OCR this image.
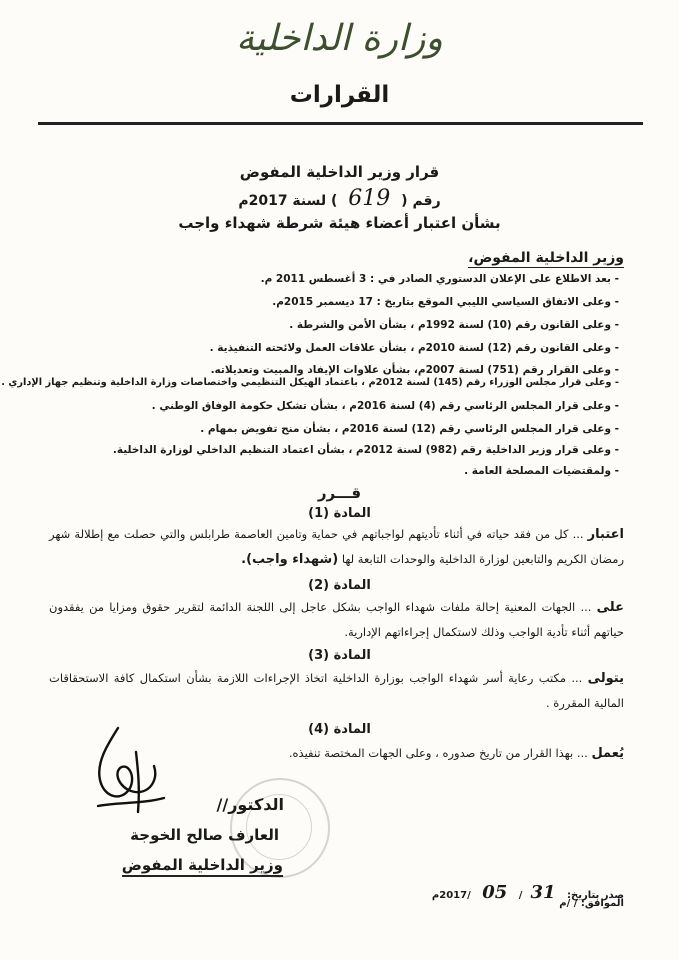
وزارة الداخلية
القرارات

قرار وزير الداخلية المفوض
رقم ( 619 ) لسنة 2017م
بشأن اعتبار أعضاء هيئة شرطة شهداء واجب
وزير الداخلية المفوض،
- بعد الاطلاع على الإعلان الدستوري الصادر في : 3 أغسطس 2011 م.
- وعلى الاتفاق السياسي الليبي الموقع بتاريخ : 17 ديسمبر 2015م.
- وعلى القانون رقم (10) لسنة 1992م ، بشأن الأمن والشرطة .
- وعلى القانون رقم (12) لسنة 2010م ، بشأن علاقات العمل ولائحته التنفيذية .
- وعلى القرار رقم (751) لسنة 2007م، بشأن علاوات الإيفاد والمبيت وتعديلاته.
- وعلى قرار مجلس الوزراء رقم (145) لسنة 2012م ، باعتماد الهيكل التنظيمي واختصاصات وزارة الداخلية وتنظيم جهاز الإداري .
- وعلى قرار المجلس الرئاسي رقم (4) لسنة 2016م ، بشأن تشكل حكومة الوفاق الوطني .
- وعلى قرار المجلس الرئاسي رقم (12) لسنة 2016م ، بشأن منح تفويض بمهام .
- وعلى قرار وزير الداخلية رقم (982) لسنة 2012م ، بشأن اعتماد التنظيم الداخلي لوزارة الداخلية.
- ولمقتضيات المصلحة العامة .
قـــرر
المادة (1)
اعتبار ... كل من فقد حياته في أثناء تأديتهم لواجباتهم في حماية وتامين العاصمة طرابلس والتي حصلت مع إطلالة شهر رمضان الكريم والتابعين لوزارة الداخلية والوحدات التابعة لها (شهداء واجب).
المادة (2)
على ... الجهات المعنية إحالة ملفات شهداء الواجب بشكل عاجل إلى اللجنة الدائمة لتقرير حقوق ومزايا من يفقدون حياتهم أثناء تأدية الواجب وذلك لاستكمال إجراءاتهم الإدارية.
المادة (3)
يتولى ... مكتب رعاية أسر شهداء الواجب بوزارة الداخلية اتخاذ الإجراءات اللازمة بشأن استكمال كافة الاستحقاقات المالية المقررة .
المادة (4)
يُعمل ... بهذا القرار من تاريخ صدوره ، وعلى الجهات المختصة تنفيذه.
الدكتور//
العارف صالح الخوجة
وزير الداخلية المفوض
صدر بتاريخ: 31/ 05 /2017م
الموافق: / /م
